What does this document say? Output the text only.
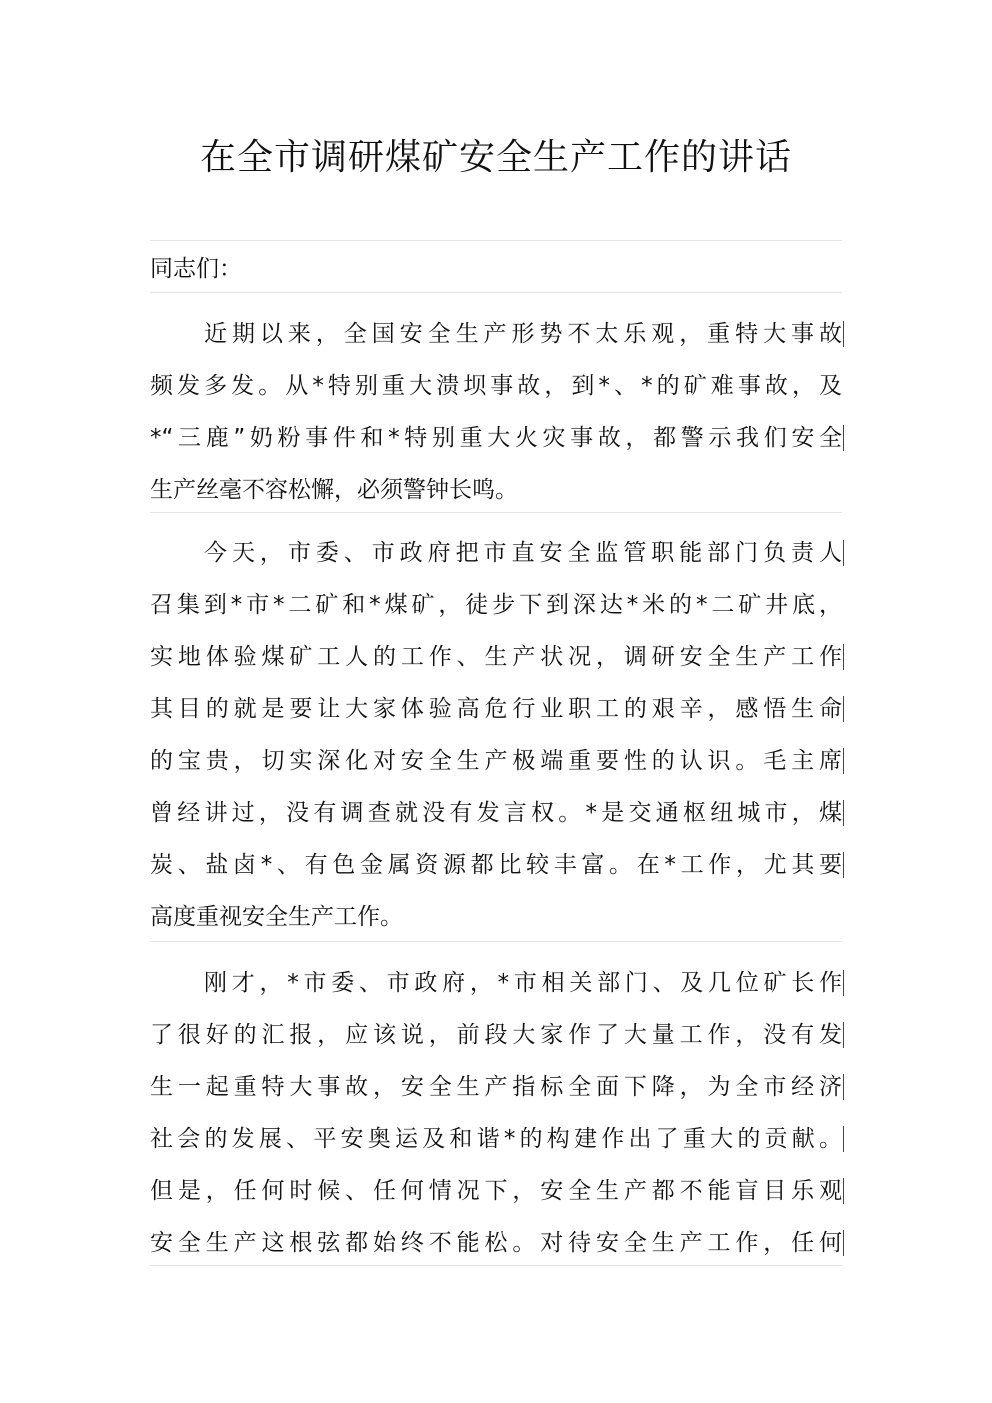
在全市调研煤矿安全生产工作的讲话
同志们：
近期以来，全国安全生产形势不太乐观，重特大事故
频发多发。从*特别重大溃坝事故，到*、*的矿难事故，及
*“三鹿”奶粉事件和*特别重大火灾事故，都警示我们安全
生产丝毫不容松懈，必须警钟长鸣。
今天，市委、市政府把市直安全监管职能部门负责人
召集到*市*二矿和*煤矿，徒步下到深达*米的*二矿井底，
实地体验煤矿工人的工作、生产状况，调研安全生产工作
其目的就是要让大家体验高危行业职工的艰辛，感悟生命
的宝贵，切实深化对安全生产极端重要性的认识。毛主席
曾经讲过，没有调查就没有发言权。*是交通枢纽城市，煤
炭、盐卤*、有色金属资源都比较丰富。在*工作，尤其要
高度重视安全生产工作。
刚才，*市委、市政府，*市相关部门、及几位矿长作
了很好的汇报，应该说，前段大家作了大量工作，没有发
生一起重特大事故，安全生产指标全面下降，为全市经济
社会的发展、平安奥运及和谐*的构建作出了重大的贡献。
但是，任何时候、任何情况下，安全生产都不能盲目乐观
安全生产这根弦都始终不能松。对待安全生产工作，任何
